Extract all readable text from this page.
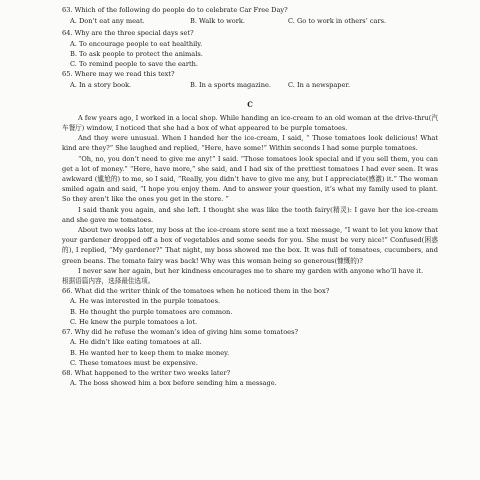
63. Which of the following do people do to celebrate Car Free Day?

A. Don’t eat any meat.	B. Walk to work.	C. Go to work in others’ cars.

64. Why are the three special days set?

A. To encourage people to eat healthily.
B. To ask people to protect the animals.
C. To remind people to save the earth.

65. Where may we read this text?

A. In a story book.	B. In a sports magazine.	C. In a newspaper.
C

A few years ago, I worked in a local shop. While handing an ice-cream to an old woman at the drive-thru(汽车餐厅) window, I noticed that she had a box of what appeared to be purple tomatoes.

And they were unusual. When I handed her the ice-cream, I said, “ Those tomatoes look delicious! What kind are they?” She laughed and replied, “Here, have some!” Within seconds I had some purple tomatoes.

“Oh, no, you don’t need to give me any!” I said. “Those tomatoes look special and if you sell them, you can get a lot of money.” “Here, have more,” she said, and I had six of the prettiest tomatoes I had ever seen. It was awkward (尴尬的) to me, so I said, “Really, you didn’t have to give me any, but I appreciate(感激) it.” The woman smiled again and said, “I hope you enjoy them. And to answer your question, it’s what my family used to plant. So they aren’t like the ones you get in the store. ”

I said thank you again, and she left. I thought she was like the tooth fairy(精灵): I gave her the ice-cream and she gave me tomatoes.

About two weeks later, my boss at the ice-cream store sent me a text message, “I want to let you know that your gardener dropped off a box of vegetables and some seeds for you. She must be very nice!” Confused(困惑的), I replied, “My gardener?” That night, my boss showed me the box. It was full of tomatoes, cucumbers, and green beans. The tomato fairy was back! Why was this woman being so generous(慷慨的)?

I never saw her again, but her kindness encourages me to share my garden with anyone who’ll have it.

根据语篇内容，选择最佳选项。

66. What did the writer think of the tomatoes when he noticed them in the box?

A. He was interested in the purple tomatoes.
B. He thought the purple tomatoes are common.
C. He knew the purple tomatoes a lot.

67. Why did he refuse the woman’s idea of giving him some tomatoes?

A. He didn’t like eating tomatoes at all.
B. He wanted her to keep them to make money.
C. These tomatoes must be expensive.

68. What happened to the writer two weeks later?

A. The boss showed him a box before sending him a message.
